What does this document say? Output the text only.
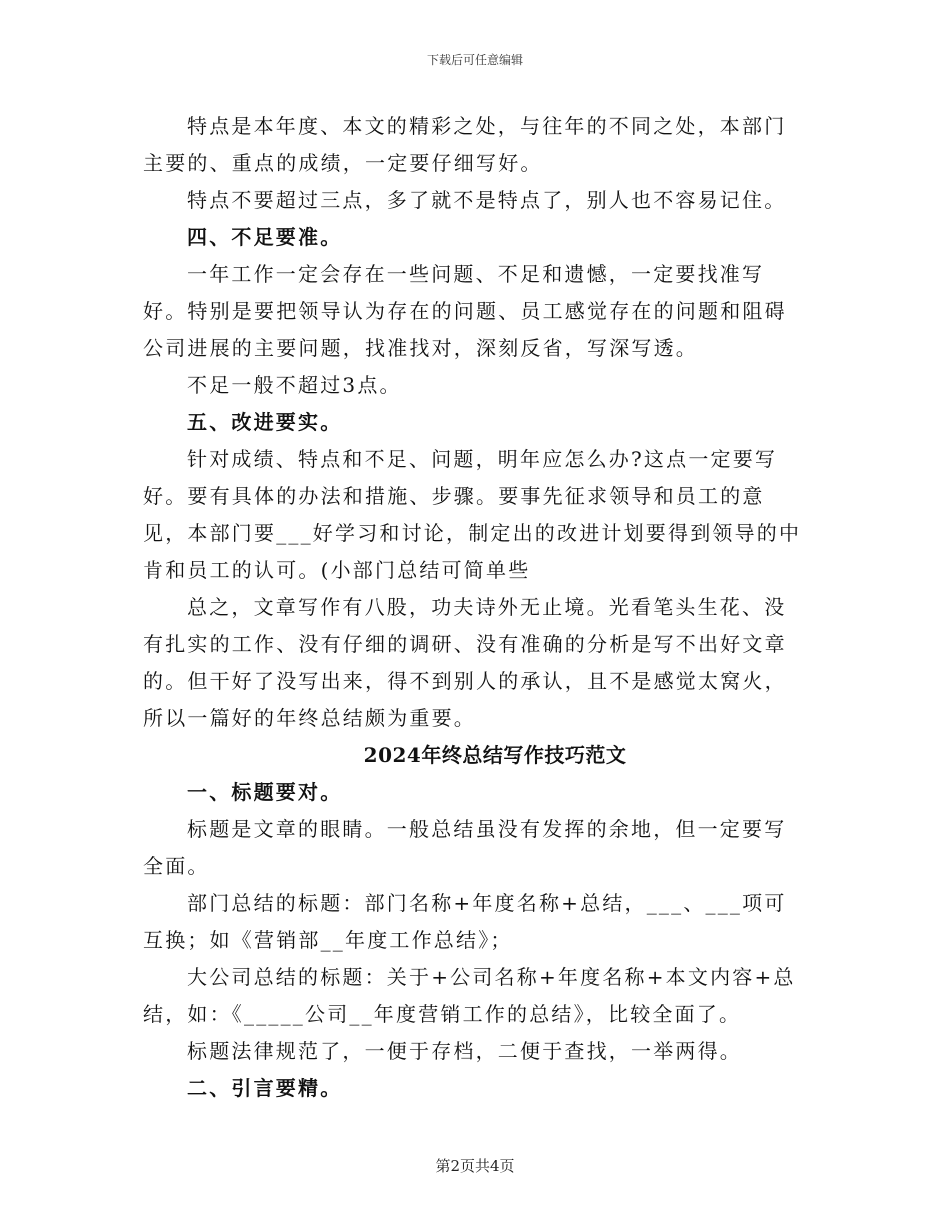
下载后可任意编辑

特点是本年度、本文的精彩之处，与往年的不同之处，本部门主要的、重点的成绩，一定要仔细写好。

特点不要超过三点，多了就不是特点了，别人也不容易记住。

四、不足要准。

一年工作一定会存在一些问题、不足和遗憾，一定要找准写好。特别是要把领导认为存在的问题、员工感觉存在的问题和阻碍公司进展的主要问题，找准找对，深刻反省，写深写透。

不足一般不超过3点。

五、改进要实。

针对成绩、特点和不足、问题，明年应怎么办?这点一定要写好。要有具体的办法和措施、步骤。要事先征求领导和员工的意见，本部门要___好学习和讨论，制定出的改进计划要得到领导的中肯和员工的认可。(小部门总结可简单些

总之，文章写作有八股，功夫诗外无止境。光看笔头生花、没有扎实的工作、没有仔细的调研、没有准确的分析是写不出好文章的。但干好了没写出来，得不到别人的承认，且不是感觉太窝火，所以一篇好的年终总结颇为重要。

2024年终总结写作技巧范文

一、标题要对。

标题是文章的眼睛。一般总结虽没有发挥的余地，但一定要写全面。

部门总结的标题：部门名称+年度名称+总结，___、___项可互换；如《营销部__年度工作总结》；

大公司总结的标题：关于+公司名称+年度名称+本文内容+总结，如：《_____公司__年度营销工作的总结》，比较全面了。

标题法律规范了，一便于存档，二便于查找，一举两得。

二、引言要精。

第2页共4页
